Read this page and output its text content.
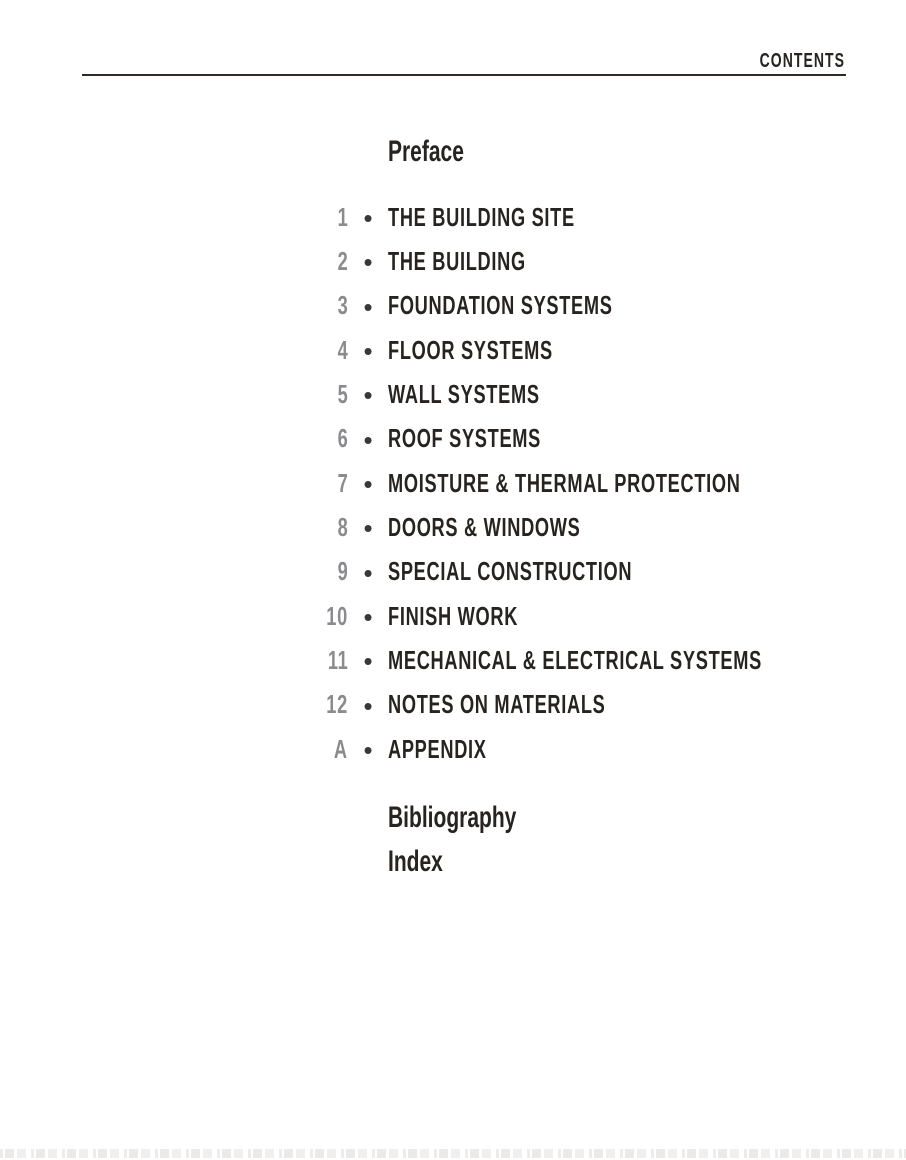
CONTENTS
Preface
1 • THE BUILDING SITE
2 • THE BUILDING
3 • FOUNDATION SYSTEMS
4 • FLOOR SYSTEMS
5 • WALL SYSTEMS
6 • ROOF SYSTEMS
7 • MOISTURE & THERMAL PROTECTION
8 • DOORS & WINDOWS
9 • SPECIAL CONSTRUCTION
10 • FINISH WORK
11 • MECHANICAL & ELECTRICAL SYSTEMS
12 • NOTES ON MATERIALS
A • APPENDIX
Bibliography
Index
